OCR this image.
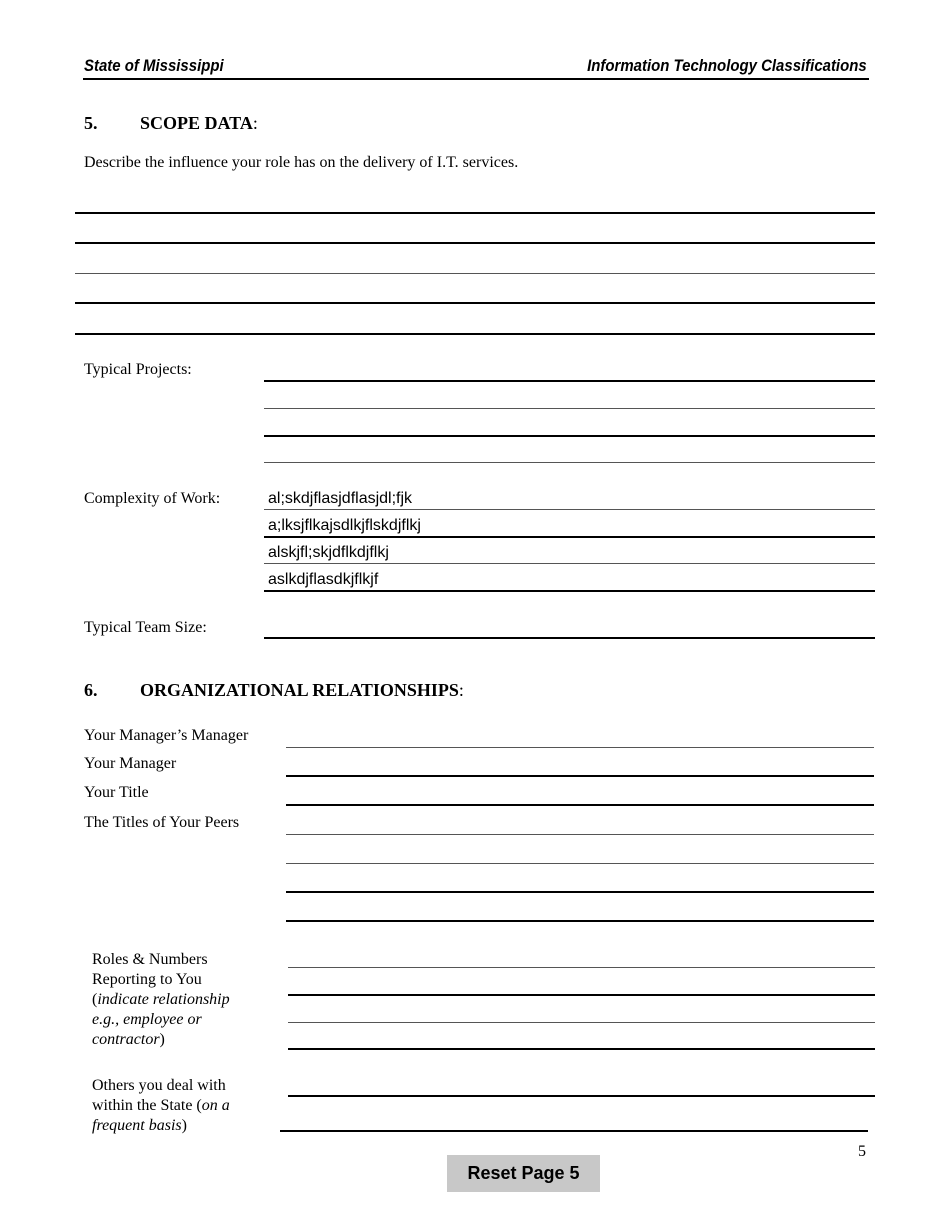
State of Mississippi	Information Technology Classifications
5. SCOPE DATA:
Describe the influence your role has on the delivery of I.T. services.
Typical Projects:
Complexity of Work:	al;skdjflasjdflasjdl;fjk
a;lksjflkajsdlkjflskdjflkj
alskjfl;skjdflkdjflkj
aslkdjflasdkjflkjf
Typical Team Size:
6. ORGANIZATIONAL RELATIONSHIPS:
Your Manager’s Manager
Your Manager
Your Title
The Titles of Your Peers
Roles & Numbers
Reporting to You
(indicate relationship
e.g., employee or
contractor)
Others you deal with
within the State (on a
frequent basis)
5
Reset Page 5
